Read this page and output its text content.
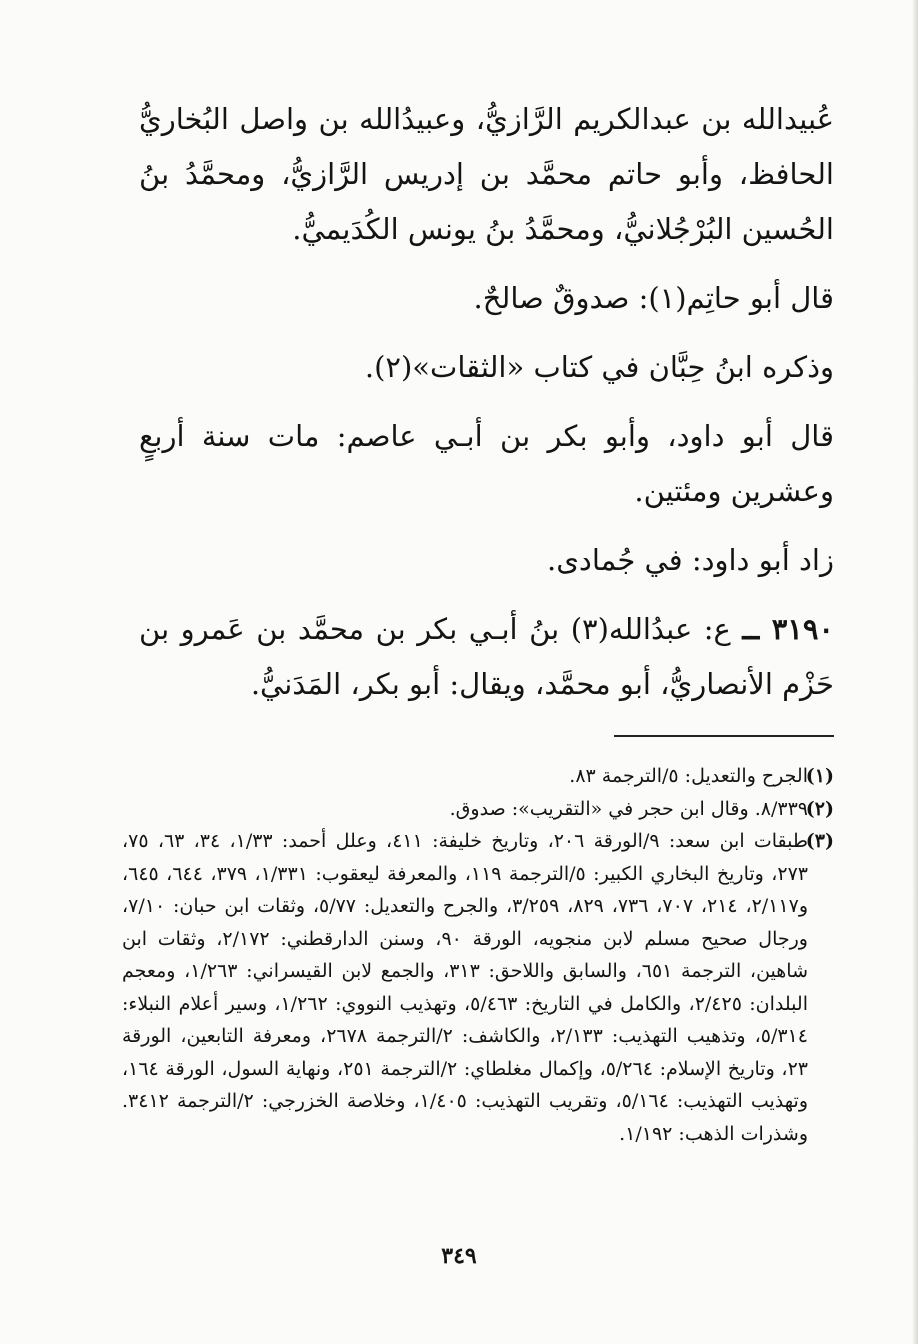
عُبيدالله بن عبدالكريم الرَّازيُّ، وعبيدُالله بن واصل البُخاريُّ الحافظ، وأبو حاتم محمَّد بن إدريس الرَّازيُّ، ومحمَّدُ بنُ الحُسين البُرْجُلانيُّ، ومحمَّدُ بنُ يونس الكُدَيميُّ.

قال أبو حاتِم(١): صدوقٌ صالحٌ.

وذكره ابنُ حِبَّان في كتاب «الثقات»(٢).

قال أبو داود، وأبو بكر بن أبـي عاصم: مات سنة أربعٍ وعشرين ومئتين.

زاد أبو داود: في جُمادى.

٣١٩٠ ــ ع: عبدُالله(٣) بنُ أبـي بكر بن محمَّد بن عَمرو بن حَزْم الأنصاريُّ، أبو محمَّد، ويقال: أبو بكر، المَدَنيُّ.

(١)
الجرح والتعديل: ٥/الترجمة ٨٣.
(٢)
٨/٣٣٩. وقال ابن حجر في «التقريب»: صدوق.
(٣)
طبقات ابن سعد: ٩/الورقة ٢٠٦، وتاريخ خليفة: ٤١١، وعلل أحمد: ١/٣٣، ٣٤، ٦٣، ٧٥، ٢٧٣، وتاريخ البخاري الكبير: ٥/الترجمة ١١٩، والمعرفة ليعقوب: ١/٣٣١، ٣٧٩، ٦٤٤، ٦٤٥، و٢/١١٧، ٢١٤، ٧٠٧، ٧٣٦، ٨٢٩، ٣/٢٥٩، والجرح والتعديل: ٥/٧٧، وثقات ابن حبان: ٧/١٠، ورجال صحيح مسلم لابن منجويه، الورقة ٩٠، وسنن الدارقطني: ٢/١٧٢، وثقات ابن شاهين، الترجمة ٦٥١، والسابق واللاحق: ٣١٣، والجمع لابن القيسراني: ١/٢٦٣، ومعجم البلدان: ٢/٤٢٥، والكامل في التاريخ: ٥/٤٦٣، وتهذيب النووي: ١/٢٦٢، وسير أعلام النبلاء: ٥/٣١٤، وتذهيب التهذيب: ٢/١٣٣، والكاشف: ٢/الترجمة ٢٦٧٨، ومعرفة التابعين، الورقة ٢٣، وتاريخ الإسلام: ٥/٢٦٤، وإكمال مغلطاي: ٢/الترجمة ٢٥١، ونهاية السول، الورقة ١٦٤، وتهذيب التهذيب: ٥/١٦٤، وتقريب التهذيب: ١/٤٠٥، وخلاصة الخزرجي: ٢/الترجمة ٣٤١٢. وشذرات الذهب: ١/١٩٢.
٣٤٩
